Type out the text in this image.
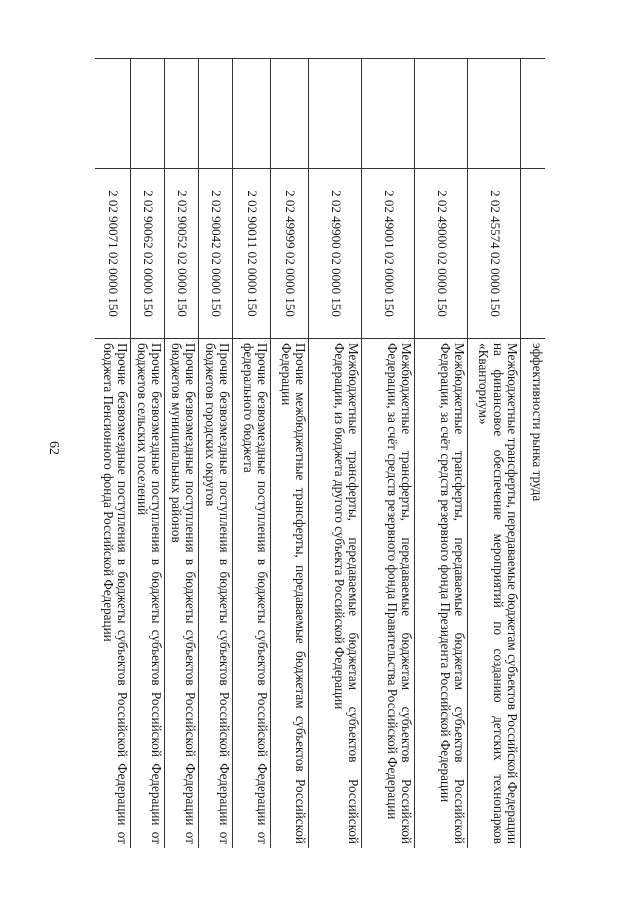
62
			эффективности рынка труда
	2 02 45574 02 0000 150	Межбюджетные трансферты, передаваемые бюджетам субъектов Российской Федерации на финансовое обеспечение мероприятий по созданию детских технопарков «Кванториум»
	2 02 49000 02 0000 150	Межбюджетные трансферты, передаваемые бюджетам субъектов Российской Федерации, за счёт средств резервного фонда Президента Российской Федерации
	2 02 49001 02 0000 150	Межбюджетные трансферты, передаваемые бюджетам субъектов Российской Федерации, за счёт средств резервного фонда Правительства Российской Федерации
	2 02 49900 02 0000 150	Межбюджетные трансферты, передаваемые бюджетам субъектов Российской Федерации, из бюджета другого субъекта Российской Федерации
	2 02 49999 02 0000 150	Прочие межбюджетные трансферты, передаваемые бюджетам субъектов Российской Федерации
	2 02 90011 02 0000 150	Прочие безвозмездные поступления в бюджеты субъектов Российской Федерации от федерального бюджета
	2 02 90042 02 0000 150	Прочие безвозмездные поступления в бюджеты субъектов Российской Федерации от бюджетов городских округов
	2 02 90052 02 0000 150	Прочие безвозмездные поступления в бюджеты субъектов Российской Федерации от бюджетов муниципальных районов
	2 02 90062 02 0000 150	Прочие безвозмездные поступления в бюджеты субъектов Российской Федерации от бюджетов сельских поселений
	2 02 90071 02 0000 150	Прочие безвозмездные поступления в бюджеты субъектов Российской Федерации от бюджета Пенсионного фонда Российской Федерации
